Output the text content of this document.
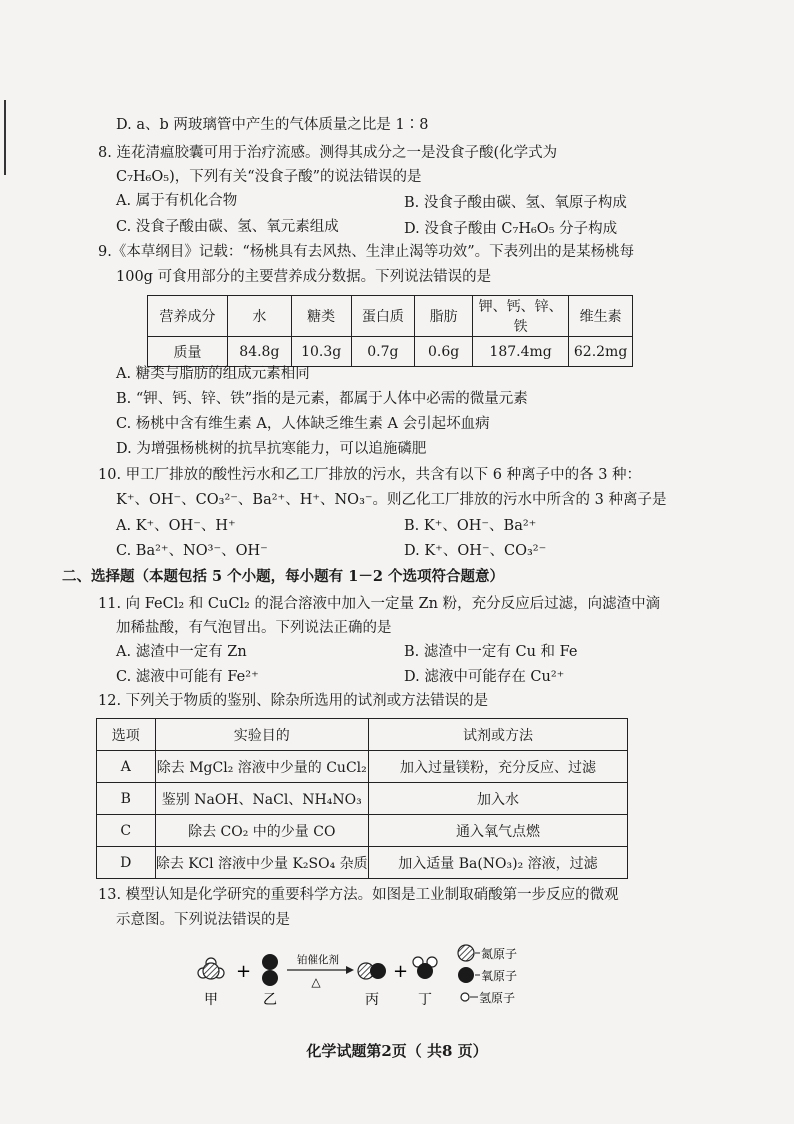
D. a、b 两玻璃管中产生的气体质量之比是 1∶8
8. 连花清瘟胶囊可用于治疗流感。测得其成分之一是没食子酸(化学式为
C₇H₆O₅)，下列有关“没食子酸”的说法错误的是
A. 属于有机化合物	B. 没食子酸由碳、氢、氧原子构成
C. 没食子酸由碳、氢、氧元素组成	D. 没食子酸由 C₇H₆O₅ 分子构成
9.《本草纲目》记载：“杨桃具有去风热、生津止渴等功效”。下表列出的是某杨桃每
100g 可食用部分的主要营养成分数据。下列说法错误的是
营养成分	水	糖类	蛋白质	脂肪	钾、钙、锌、铁	维生素
质量	84.8g	10.3g	0.7g	0.6g	187.4mg	62.2mg
A. 糖类与脂肪的组成元素相同
B. “钾、钙、锌、铁”指的是元素，都属于人体中必需的微量元素
C. 杨桃中含有维生素 A，人体缺乏维生素 A 会引起坏血病
D. 为增强杨桃树的抗旱抗寒能力，可以追施磷肥
10. 甲工厂排放的酸性污水和乙工厂排放的污水，共含有以下 6 种离子中的各 3 种：
K⁺、OH⁻、CO₃²⁻、Ba²⁺、H⁺、NO₃⁻。则乙化工厂排放的污水中所含的 3 种离子是
A. K⁺、OH⁻、H⁺	B. K⁺、OH⁻、Ba²⁺
C. Ba²⁺、NO³⁻、OH⁻	D. K⁺、OH⁻、CO₃²⁻
二、选择题（本题包括 5 个小题，每小题有 1－2 个选项符合题意）
11. 向 FeCl₂ 和 CuCl₂ 的混合溶液中加入一定量 Zn 粉，充分反应后过滤，向滤渣中滴
加稀盐酸，有气泡冒出。下列说法正确的是
A. 滤渣中一定有 Zn	B. 滤渣中一定有 Cu 和 Fe
C. 滤液中可能有 Fe²⁺	D. 滤液中可能存在 Cu²⁺
12. 下列关于物质的鉴别、除杂所选用的试剂或方法错误的是
选项	实验目的	试剂或方法
A	除去 MgCl₂ 溶液中少量的 CuCl₂	加入过量镁粉，充分反应、过滤
B	鉴别 NaOH、NaCl、NH₄NO₃	加入水
C	除去 CO₂ 中的少量 CO	通入氧气点燃
D	除去 KCl 溶液中少量 K₂SO₄ 杂质	加入适量 Ba(NO₃)₂ 溶液，过滤
13. 模型认知是化学研究的重要科学方法。如图是工业制取硝酸第一步反应的微观
示意图。下列说法错误的是
+
铂催化剂
△	+
甲	乙	丙	丁
氮原子
氧原子
氢原子
化学试题第2页（ 共8 页）
